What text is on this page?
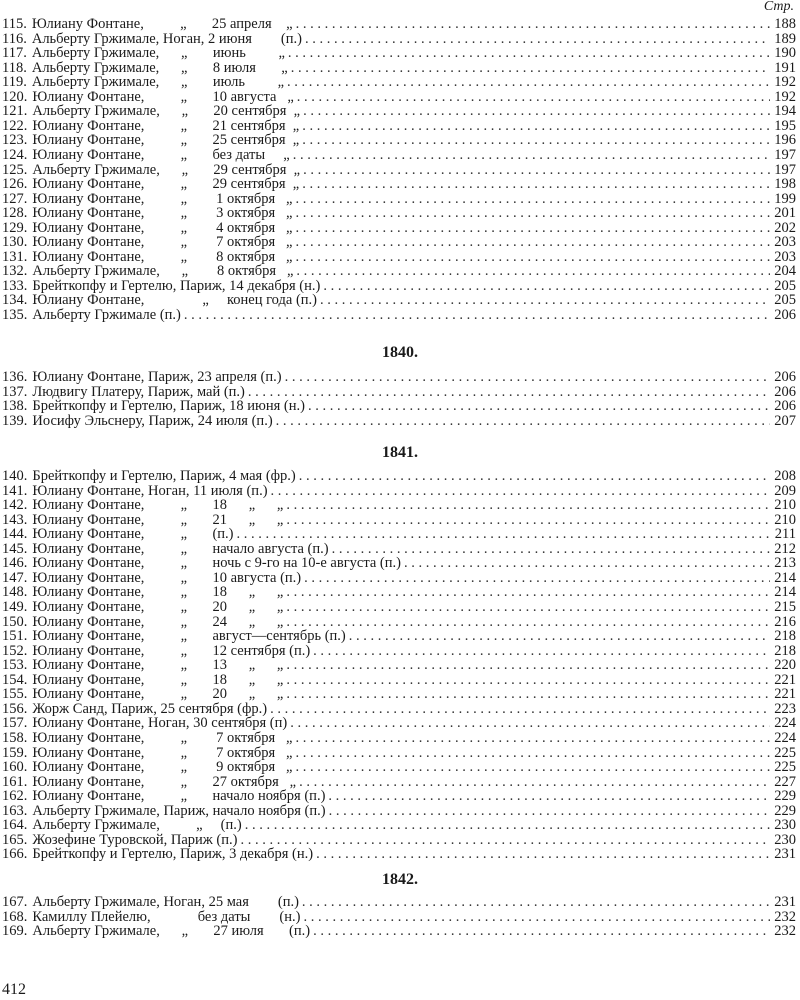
Стр.
115. Юлиану Фонтане,          „       25 апреля    „ . . .	188
116. Альберту Гржимале, Ноган, 2 июня        (п.) . . .	189
117. Альберту Гржимале,      „       июнь         „ . . .	190
118. Альберту Гржимале,      „       8 июля       „ . . .	191
119. Альберту Гржимале,      „       июль         „ . . .	192
120. Юлиану Фонтане,          „       10 августа   „ . . .	192
121. Альберту Гржимале,      „       20 сентября  „ . . .	194
122. Юлиану Фонтане,          „       21 сентября  „ . . .	195
123. Юлиану Фонтане,          „       25 сентября  „ . . .	196
124. Юлиану Фонтане,          „       без даты     „ . . .	197
125. Альберту Гржимале,      „       29 сентября  „ . . .	197
126. Юлиану Фонтане,          „       29 сентября  „ . . .	198
127. Юлиану Фонтане,          „        1 октября   „ . . .	199
128. Юлиану Фонтане,          „        3 октября   „ . . .	201
129. Юлиану Фонтане,          „        4 октября   „ . . .	202
130. Юлиану Фонтане,          „        7 октября   „ . . .	203
131. Юлиану Фонтане,          „        8 октября   „ . . .	203
132. Альберту Гржимале,      „        8 октября   „ . . .	204
133. Брейткопфу и Гертелю, Париж, 14 декабря (н.) . . .	205
134. Юлиану Фонтане,                „     конец года (п.) . . .	205
135. Альберту Гржимале (п.) . . .	206
1840.
136. Юлиану Фонтане, Париж, 23 апреля (п.) . . .	206
137. Людвигу Платеру, Париж, май (п.) . . .	206
138. Брейткопфу и Гертелю, Париж, 18 июня (н.) . . .	206
139. Иосифу Эльснеру, Париж, 24 июля (п.) . . .	207
1841.
140. Брейткопфу и Гертелю, Париж, 4 мая (фр.) . . .	208
141. Юлиану Фонтане, Ноган, 11 июля (п.) . . .	209
142. Юлиану Фонтане,          „       18      „      „ . . .	210
143. Юлиану Фонтане,          „       21      „      „ . . .	210
144. Юлиану Фонтане,          „       (п.) . . .	211
145. Юлиану Фонтане,          „       начало августа (п.) . . .	212
146. Юлиану Фонтане,          „       ночь с 9-го на 10-е августа (п.) . . .	213
147. Юлиану Фонтане,          „       10 августа (п.) . . .	214
148. Юлиану Фонтане,          „       18      „      „ . . .	214
149. Юлиану Фонтане,          „       20      „      „ . . .	215
150. Юлиану Фонтане,          „       24      „      „ . . .	216
151. Юлиану Фонтане,          „       август—сентябрь (п.) . . .	218
152. Юлиану Фонтане,          „       12 сентября (п.) . . .	218
153. Юлиану Фонтане,          „       13      „      „ . . .	220
154. Юлиану Фонтане,          „       18      „      „ . . .	221
155. Юлиану Фонтане,          „       20      „      „ . . .	221
156. Жорж Санд, Париж, 25 сентября (фр.) . . .	223
157. Юлиану Фонтане, Ноган, 30 сентября (п) . . .	224
158. Юлиану Фонтане,          „        7 октября   „ . . .	224
159. Юлиану Фонтане,          „        7 октября   „ . . .	225
160. Юлиану Фонтане,          „        9 октября   „ . . .	225
161. Юлиану Фонтане,          „       27 октября   „ . . .	227
162. Юлиану Фонтане,          „       начало ноября (п.) . . .	229
163. Альберту Гржимале, Париж, начало ноября (п.) . . .	229
164. Альберту Гржимале,          „     (п.) . . .	230
165. Жозефине Туровской, Париж (п.) . . .	230
166. Брейткопфу и Гертелю, Париж, 3 декабря (н.) . . .	231
1842.
167. Альберту Гржимале, Ноган, 25 мая        (п.) . . .	231
168. Камиллу Плейелю,             без даты        (н.) . . .	232
169. Альберту Гржимале,      „       27 июля       (п.) . . .	232
412
